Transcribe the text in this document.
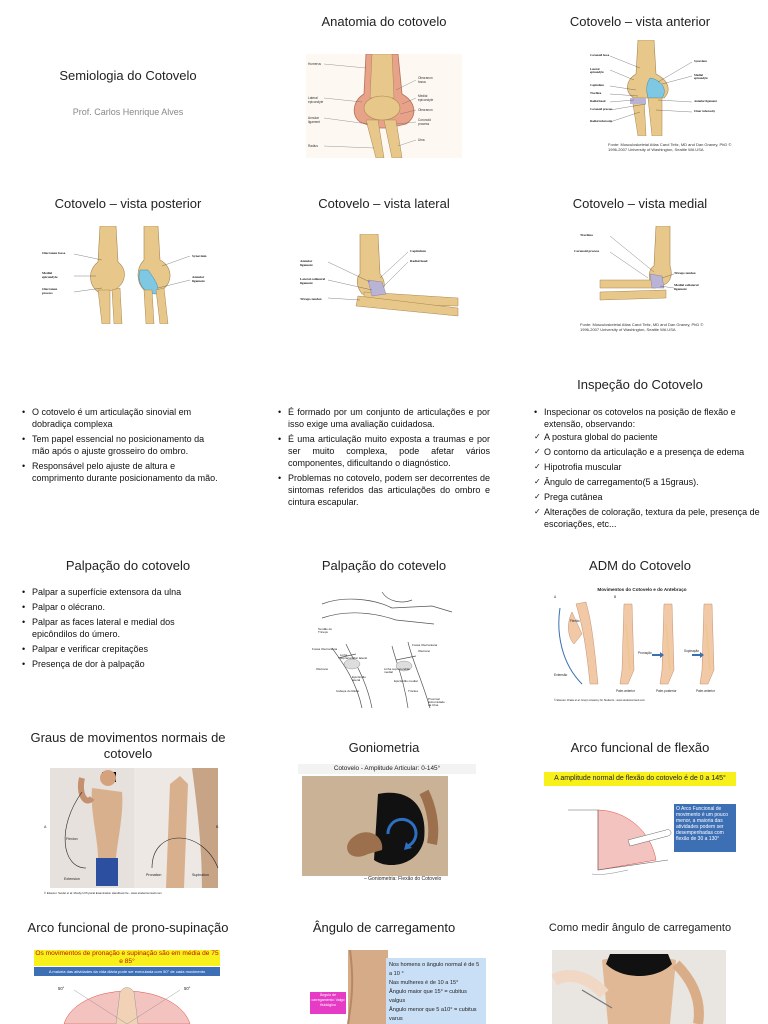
Semiologia do Cotovelo
Prof. Carlos Henrique Alves
Anatomia do cotovelo
Humerus
Lateral
epicondyle
Annular
ligament
Radius
Olecranon
fossa
Medial
epicondyle
Olecranon
Coronoid
process
Ulna
Cotovelo – vista anterior
Coronoid fossa
Lateral
epicondyle
Capitulum
Trochlea
Radial head
Coronoid process
Radial tuberosity
Synovium
Medial
epicondyle
Annular ligament
Ulnar tuberosity
Fonte: Musculoskeletal Atlas Carol Teitz, MD and Dan Graney, PhD © 1996-2007 University of Washington, Seattle WA USA
Cotovelo – vista posterior
Olecranon fossa
Medial
epicondyle
Olecranon
process
Synovium
Annular
ligament
Cotovelo – vista lateral
Annular
ligament
Lateral collateral
ligament
Triceps tendon
Capitulum
Radial head
Cotovelo – vista medial
Trochlea
Coronoid process
Triceps tendon
Medial collateral
ligament
Fonte: Musculoskeletal Atlas Carol Teitz, MD and Dan Graney, PhD © 1996-2007 University of Washington, Seattle WA USA
• O cotovelo é um articulação sinovial em dobradiça complexa
• Tem papel essencial no posicionamento da mão após o ajuste grosseiro do ombro.
• Responsável pelo ajuste de altura e comprimento durante posicionamento da mão.
• É formado por um conjunto de articulações e por isso exige uma avaliação cuidadosa.
• É uma articulação muito exposta a traumas e por ser muito complexa, pode afetar vários componentes, dificultando o diagnóstico.
• Problemas no cotovelo, podem ser decorrentes de sintomas referidos das articulações do ombro e cintura escapular.
Inspeção do Cotovelo
• Inspecionar os cotovelos na posição de flexão e extensão, observando:
✓ A postura global do paciente
✓ O contorno da articulação e a presença de edema
✓ Hipotrofia muscular
✓ Ângulo de carregamento(5 a 15graus).
✓ Prega cutânea
✓ Alterações de coloração, textura da pele, presença de escoriações, etc...
Palpação do cotovelo
• Palpar a superfície extensora da ulna
• Palpar o olécrano.
• Palpar as faces lateral e medial dos epicôndilos do úmero.
• Palpar e verificar crepitações
• Presença de dor à palpação
Palpação do cotevelo
Tendão do
Tríceps
Fossa Olecraniana
Olécrano
Linha
supracondilar lateral
Epicôndilo
lateral
Cabeça do Rádio
Fossa Olecraniana
Olécrano
Linha supracondilar
medial
Epicôndilo medial
Tróclea
Proximal
Extremidade
da Ulna
ADM do Cotovelo
Movimentos do Cotovelo e do Antebraço
A	B
Flexão
Extensão
Pronação	Supinação
Palm anterior	Palm posterior	Palm anterior
© Elsevier. Drake et al: Gray's Anatomy for Students - www.studentconsult.com
Graus de movimentos normais de cotovelo
A
Flexion
Extension
B
Pronation	Supination
© Elsevier. Seidel et al: Mosby's Physical Examination Handbook 6e - www.studentconsult.com
Goniometria
Cotovelo - Amplitude Articular: 0-145°
– Goniometria: Flexão do Cotovelo
Arco funcional de flexão
A amplitude normal de flexão do cotovelo é de 0 a 145°
O Arco Funcional de movimento é um pouco menor, a maioria das atividades podem ser desempenhadas com flexão de 30 a 130°
Arco funcional de prono-supinação
Os movimentos de pronação e supinação são em média de 75 e 85°
A maioria das atividades da vida diária pode ser executada com 50° de cada movimento
50°	50°
Ângulo de carregamento
Ângulo de carregamento: Valgo fisiológico
Nos homens o ângulo normal é de 5 a 10 °
Nas mulheres é de 10 a 15°
Ângulo maior que 15° = cubitus valgus
Ângulo menor que 5 a10° = cubitus varus
Como medir ângulo de carregamento
